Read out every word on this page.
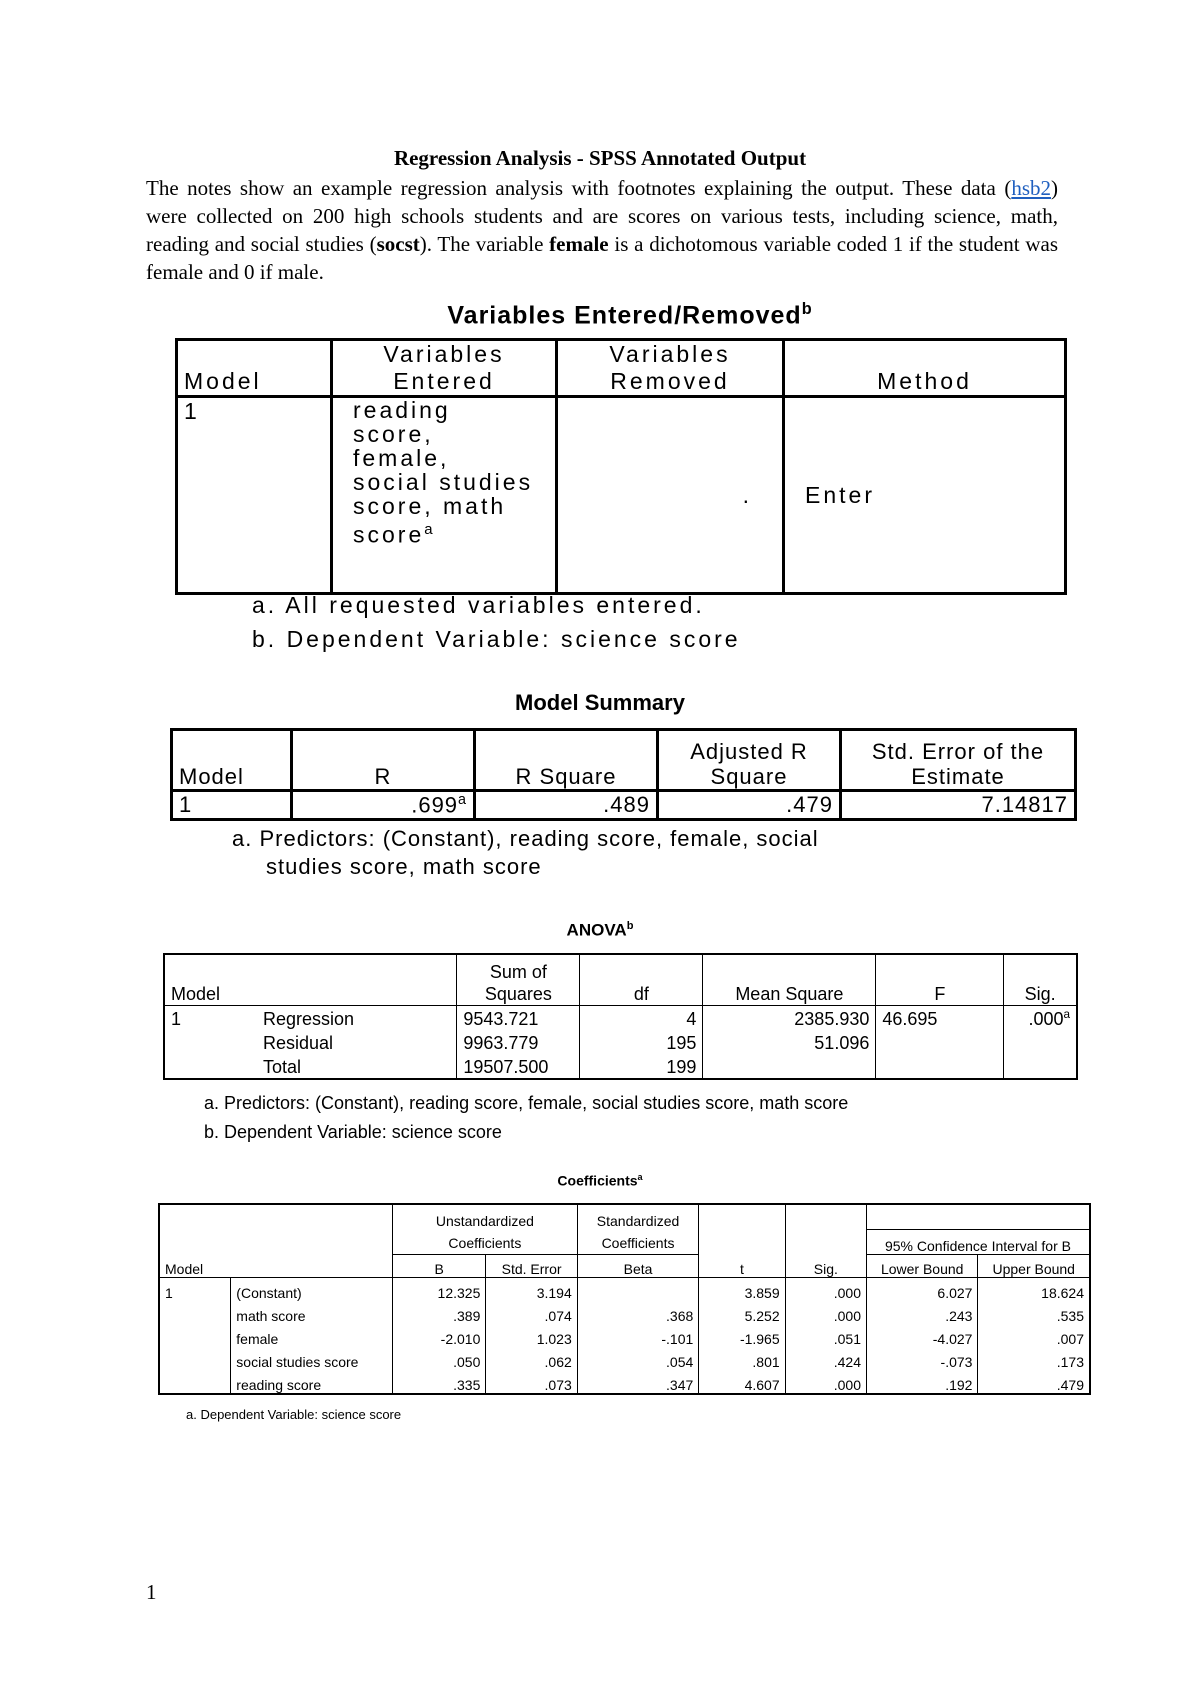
Regression Analysis - SPSS Annotated Output
The notes show an example regression analysis with footnotes explaining the output. These data (hsb2) were collected on 200 high schools students and are scores on various tests, including science, math, reading and social studies (socst). The variable female is a dichotomous variable coded 1 if the student was female and 0 if male.
Variables Entered/Removed$^b$
Model	Variables Entered	Variables Removed	Method
1	reading score, female, social studies score, math score$^a$	.	Enter
a. All requested variables entered.
b. Dependent Variable: science score
Model Summary
Model	R	R Square	Adjusted R Square	Std. Error of the Estimate
1	.699$^a$	.489	.479	7.14817
a. Predictors: (Constant), reading score, female, social
studies score, math score
ANOVA$^b$
Model		Sum of Squares	df	Mean Square	F	Sig.
1	Regression	9543.721	4	2385.930	46.695	.000$^a$
	Residual	9963.779	195	51.096		
	Total	19507.500	199			
a. Predictors: (Constant), reading score, female, social studies score, math score
b. Dependent Variable: science score
Coefficients$^a$
		Unstandardized Coefficients		Standardized Coefficients	t	Sig.		
							95% Confidence Interval for B	
Model		B	Std. Error	Beta			Lower Bound	Upper Bound
1	(Constant)	12.325	3.194		3.859	.000	6.027	18.624
	math score	.389	.074	.368	5.252	.000	.243	.535
	female	-2.010	1.023	-.101	-1.965	.051	-4.027	.007
	social studies score	.050	.062	.054	.801	.424	-.073	.173
	reading score	.335	.073	.347	4.607	.000	.192	.479
a. Dependent Variable: science score
1
